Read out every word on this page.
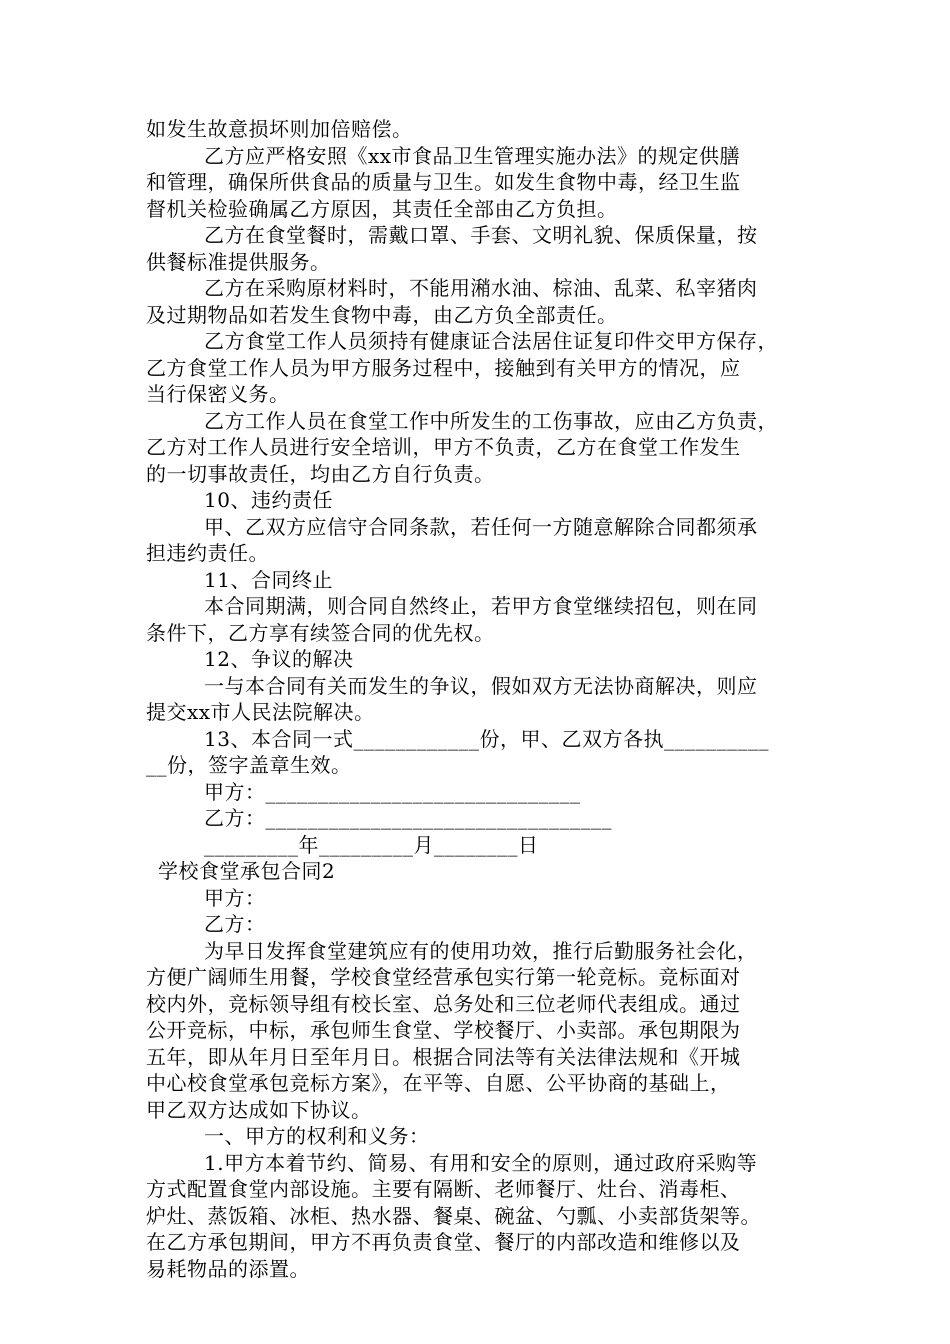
如发生故意损坏则加倍赔偿。

乙方应严格安照《xx市食品卫生管理实施办法》的规定供膳

和管理，确保所供食品的质量与卫生。如发生食物中毒，经卫生监

督机关检验确属乙方原因，其责任全部由乙方负担。

乙方在食堂餐时，需戴口罩、手套、文明礼貌、保质保量，按

供餐标准提供服务。

乙方在采购原材料时，不能用潲水油、棕油、乱菜、私宰猪肉

及过期物品如若发生食物中毒，由乙方负全部责任。

乙方食堂工作人员须持有健康证合法居住证复印件交甲方保存，

乙方食堂工作人员为甲方服务过程中，接触到有关甲方的情况，应

当行保密义务。

乙方工作人员在食堂工作中所发生的工伤事故，应由乙方负责，

乙方对工作人员进行安全培训，甲方不负责，乙方在食堂工作发生

的一切事故责任，均由乙方自行负责。

10、违约责任

甲、乙双方应信守合同条款，若任何一方随意解除合同都须承

担违约责任。

11、合同终止

本合同期满，则合同自然终止，若甲方食堂继续招包，则在同

条件下，乙方享有续签合同的优先权。

12、争议的解决

一与本合同有关而发生的争议，假如双方无法协商解决，则应

提交xx市人民法院解决。

13、本合同一式____________份，甲、乙双方各执__________

__份，签字盖章生效。

甲方：______________________________

乙方：_________________________________

_________年_________月________日

学校食堂承包合同2

甲方：

乙方：

为早日发挥食堂建筑应有的使用功效，推行后勤服务社会化，

方便广阔师生用餐，学校食堂经营承包实行第一轮竞标。竞标面对

校内外，竞标领导组有校长室、总务处和三位老师代表组成。通过

公开竞标，中标，承包师生食堂、学校餐厅、小卖部。承包期限为

五年，即从年月日至年月日。根据合同法等有关法律法规和《开城

中心校食堂承包竞标方案》，在平等、自愿、公平协商的基础上，

甲乙双方达成如下协议。

一、甲方的权利和义务：

1.甲方本着节约、简易、有用和安全的原则，通过政府采购等

方式配置食堂内部设施。主要有隔断、老师餐厅、灶台、消毒柜、

炉灶、蒸饭箱、冰柜、热水器、餐桌、碗盆、勺瓢、小卖部货架等。

在乙方承包期间，甲方不再负责食堂、餐厅的内部改造和维修以及

易耗物品的添置。
